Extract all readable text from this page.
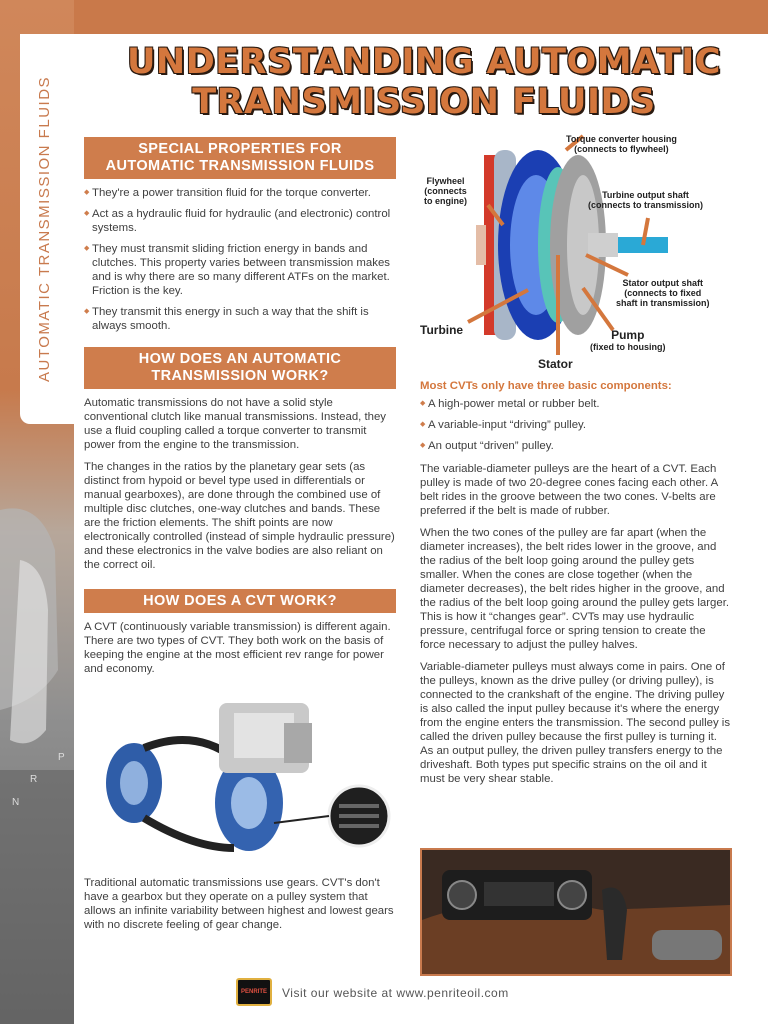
AUTOMATIC TRANSMISSION FLUIDS
P
R
N
UNDERSTANDING AUTOMATIC
TRANSMISSION FLUIDS
SPECIAL PROPERTIES FOR
AUTOMATIC TRANSMISSION FLUIDS
◆ They're a power transition fluid for the torque converter.
◆ Act as a hydraulic fluid for hydraulic (and electronic) control systems.
◆ They must transmit sliding friction energy in bands and clutches. This property varies between transmission makes and is why there are so many different ATFs on the market. Friction is the key.
◆ They transmit this energy in such a way that the shift is always smooth.
HOW DOES AN AUTOMATIC
TRANSMISSION WORK?

Automatic transmissions do not have a solid style conventional clutch like manual transmissions. Instead, they use a fluid coupling called a torque converter to transmit power from the engine to the transmission.

The changes in the ratios by the planetary gear sets (as distinct from hypoid or bevel type used in differentials or manual gearboxes), are done through the combined use of multiple disc clutches, one-way clutches and bands. These are the friction elements. The shift points are now electronically controlled (instead of simple hydraulic pressure) and these electronics in the valve bodies are also reliant on the correct oil.

HOW DOES A CVT WORK?

A CVT (continuously variable transmission) is different again. There are two types of CVT. They both work on the basis of keeping the engine at the most efficient rev range for power and economy.

Traditional automatic transmissions use gears. CVT's don't have a gearbox but they operate on a pulley system that allows an infinite variability between highest and lowest gears with no discrete feeling of gear change.

Torque converter housing
(connects to flywheel)
Flywheel
(connects
to engine)
Turbine output shaft
(connects to transmission)
Stator output shaft
(connects to fixed
shaft in transmission)
Turbine	Pump
(fixed to housing)
Stator
Most CVTs only have three basic components:
◆ A high-power metal or rubber belt.
◆ A variable-input “driving” pulley.
◆ An output “driven” pulley.

The variable-diameter pulleys are the heart of a CVT. Each pulley is made of two 20-degree cones facing each other. A belt rides in the groove between the two cones. V-belts are preferred if the belt is made of rubber.

When the two cones of the pulley are far apart (when the diameter increases), the belt rides lower in the groove, and the radius of the belt loop going around the pulley gets smaller. When the cones are close together (when the diameter decreases), the belt rides higher in the groove, and the radius of the belt loop going around the pulley gets larger. This is how it “changes gear”. CVTs may use hydraulic pressure, centrifugal force or spring tension to create the force necessary to adjust the pulley halves.

Variable-diameter pulleys must always come in pairs. One of the pulleys, known as the drive pulley (or driving pulley), is connected to the crankshaft of the engine. The driving pulley is also called the input pulley because it's where the energy from the engine enters the transmission. The second pulley is called the driven pulley because the first pulley is turning it. As an output pulley, the driven pulley transfers energy to the driveshaft. Both types put specific strains on the oil and it must be very shear stable.

PENRITE Visit our website at www.penriteoil.com
